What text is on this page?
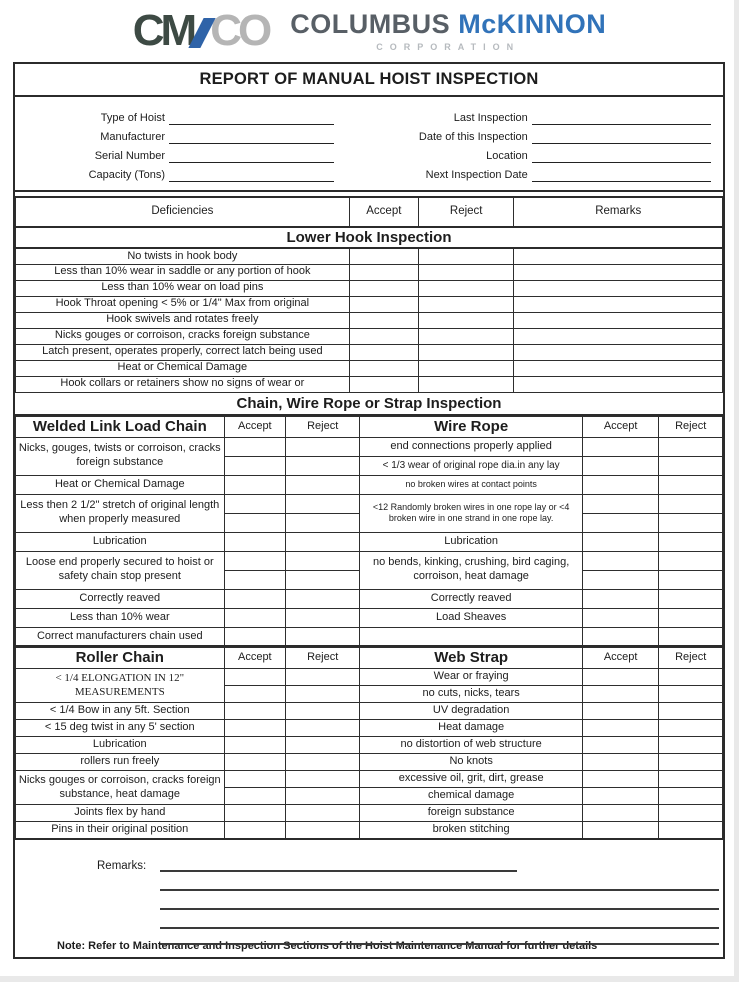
CM CO COLUMBUS McKINNON
CORPORATION
REPORT OF MANUAL HOIST INSPECTION
Type of Hoist
Manufacturer
Serial Number
Capacity (Tons)
Last Inspection
Date of this Inspection
Location
Next Inspection Date
Deficiencies	Accept	Reject	Remarks
Lower Hook Inspection			
No twists in hook body			
Less than 10% wear in saddle or any portion of hook			
Less than 10% wear on load pins			
Hook Throat opening < 5% or 1/4" Max from original			
Hook swivels and rotates freely			
Nicks gouges or corroison, cracks foreign substance			
Latch present, operates properly, correct latch being used			
Heat or Chemical Damage			
Hook collars or retainers show no signs of wear or			
Chain, Wire Rope or Strap Inspection
Welded Link Load Chain	Accept	Reject	Wire Rope	Accept	Reject
Nicks, gouges, twists or corroison, cracks foreign substance			end connections properly applied		
			< 1/3 wear of original rope dia.in any lay		
Heat or Chemical Damage			no broken wires at contact points		
Less then 2 1/2" stretch of original length when properly measured			<12 Randomly broken wires in one rope lay or <4 broken wire in one strand in one rope lay.		

Lubrication			Lubrication		
Loose end properly secured to hoist or safety chain stop present			no bends, kinking, crushing, bird caging, corroison, heat damage		

Correctly reaved			Correctly reaved		
Less than 10% wear			Load Sheaves		
Correct manufacturers chain used					
Roller Chain	Accept	Reject	Web Strap	Accept	Reject
< 1/4 ELONGATION IN 12" MEASUREMENTS			Wear or fraying		
			no cuts, nicks, tears		
< 1/4 Bow in any 5ft. Section			UV degradation		
< 15 deg twist in any 5' section			Heat damage		
Lubrication			no distortion of web structure		
rollers run freely			No knots		
Nicks gouges or corroison, cracks foreign substance, heat damage			excessive oil, grit, dirt, grease		
			chemical damage		
Joints flex by hand			foreign substance		
Pins in their original position			broken stitching		
Remarks:
Note: Refer to Maintenance and Inspection Sections of the Hoist Maintenance Manual for further details
